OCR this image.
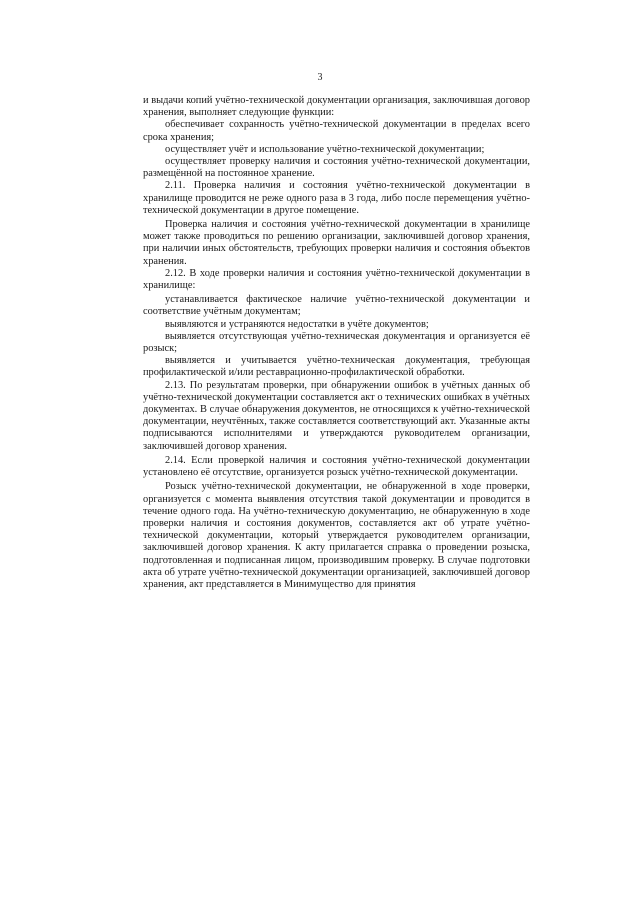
3

и выдачи копий учётно-технической документации организация, заключившая договор хранения, выполняет следующие функции:

обеспечивает сохранность учётно-технической документации в пределах всего срока хранения;

осуществляет учёт и использование учётно-технической документации;

осуществляет проверку наличия и состояния учётно-технической документации, размещённой на постоянное хранение.

2.11. Проверка наличия и состояния учётно-технической документации в хранилище проводится не реже одного раза в 3 года, либо после перемещения учётно-технической документации в другое помещение.

Проверка наличия и состояния учётно-технической документации в хранилище может также проводиться по решению организации, заключившей договор хранения, при наличии иных обстоятельств, требующих проверки наличия и состояния объектов хранения.

2.12. В ходе проверки наличия и состояния учётно-технической документации в хранилище:

устанавливается фактическое наличие учётно-технической документации и соответствие учётным документам;

выявляются и устраняются недостатки в учёте документов;

выявляется отсутствующая учётно-техническая документация и организуется её розыск;

выявляется и учитывается учётно-техническая документация, требующая профилактической и/или реставрационно-профилактической обработки.

2.13. По результатам проверки, при обнаружении ошибок в учётных данных об учётно-технической документации составляется акт о технических ошибках в учётных документах. В случае обнаружения документов, не относящихся к учётно-технической документации, неучтённых, также составляется соответствующий акт. Указанные акты подписываются исполнителями и утверждаются руководителем организации, заключившей договор хранения.

2.14. Если проверкой наличия и состояния учётно-технической документации установлено её отсутствие, организуется розыск учётно-технической документации.

Розыск учётно-технической документации, не обнаруженной в ходе проверки, организуется с момента выявления отсутствия такой документации и проводится в течение одного года. На учётно-техническую документацию, не обнаруженную в ходе проверки наличия и состояния документов, составляется акт об утрате учётно-технической документации, который утверждается руководителем организации, заключившей договор хранения. К акту прилагается справка о проведении розыска, подготовленная и подписанная лицом, производившим проверку. В случае подготовки акта об утрате учётно-технической документации организацией, заключившей договор хранения, акт представляется в Минимущество для принятия
